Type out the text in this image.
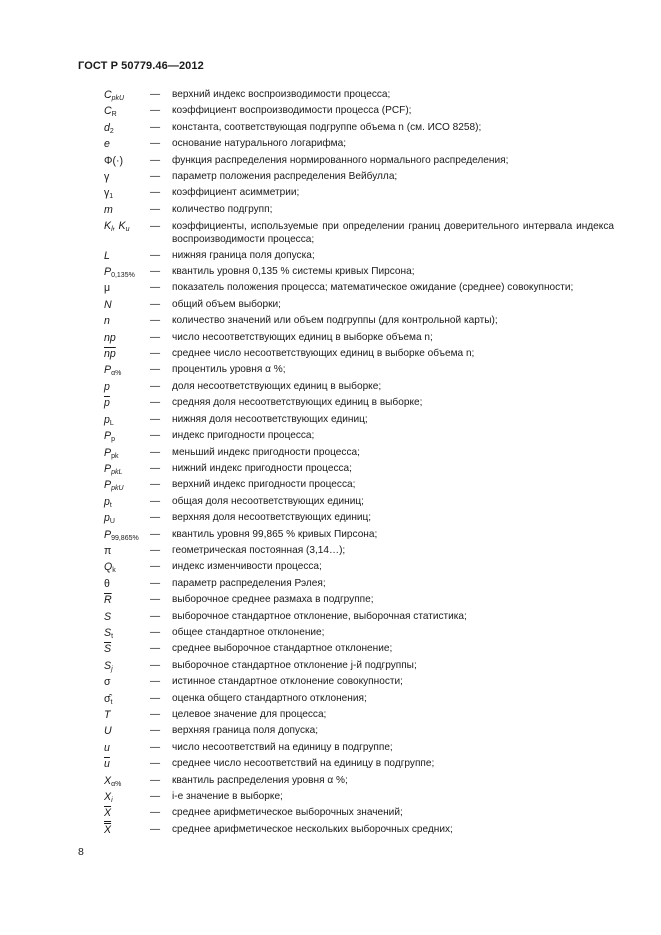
ГОСТ Р 50779.46—2012
$C_{pkU}$	— верхний индекс воспроизводимости процесса;
$C_R$	— коэффициент воспроизводимости процесса (PCF);
$d_2$	— константа, соответствующая подгруппе объема n (см. ИСО 8258);
e	— основание натурального логарифма;
Φ(·)	— функция распределения нормированного нормального распределения;
γ	— параметр положения распределения Вейбулла;
$\gamma_1$	— коэффициент асимметрии;
m	— количество подгрупп;
$K_l$, $K_u$ — коэффициенты, используемые при определении границ доверительного интервала индекса воспроизводимости процесса;
L	— нижняя граница поля допуска;
$P_{0,135\%}$ — квантиль уровня 0,135 % системы кривых Пирсона;
μ	— показатель положения процесса; математическое ожидание (среднее) совокупности;
N	— общий объем выборки;
n	— количество значений или объем подгруппы (для контрольной карты);
np	— число несоответствующих единиц в выборке объема n;
$\overline{np}$	— среднее число несоответствующих единиц в выборке объема n;
$P_{\alpha\%}$	— процентиль уровня α %;
p	— доля несоответствующих единиц в выборке;
$\overline{p}$	— средняя доля несоответствующих единиц в выборке;
$p_L$	— нижняя доля несоответствующих единиц;
$P_p$	— индекс пригодности процесса;
$P_{pk}$	— меньший индекс пригодности процесса;
$P_{pkL}$	— нижний индекс пригодности процесса;
$P_{pkU}$	— верхний индекс пригодности процесса;
$p_t$	— общая доля несоответствующих единиц;
$p_U$	— верхняя доля несоответствующих единиц;
$P_{99,865\%}$ — квантиль уровня 99,865 % кривых Пирсона;
π	— геометрическая постоянная (3,14…);
$Q_k$	— индекс изменчивости процесса;
θ	— параметр распределения Рэлея;
$\overline{R}$	— выборочное среднее размаха в подгруппе;
S	— выборочное стандартное отклонение, выборочная статистика;
$S_t$	— общее стандартное отклонение;
$\overline{S}$	— среднее выборочное стандартное отклонение;
$S_j$	— выборочное стандартное отклонение j-й подгруппы;
σ	— истинное стандартное отклонение совокупности;
$\sigmâ_t$	— оценка общего стандартного отклонения;
T	— целевое значение для процесса;
U	— верхняя граница поля допуска;
u	— число несоответствий на единицу в подгруппе;
$\overline{u}$	— среднее число несоответствий на единицу в подгруппе;
$X_{\alpha\%}$	— квантиль распределения уровня α %;
$X_i$	— i-е значение в выборке;
$\overline{X}$	— среднее арифметическое выборочных значений;
X	— среднее арифметическое нескольких выборочных средних;
8
